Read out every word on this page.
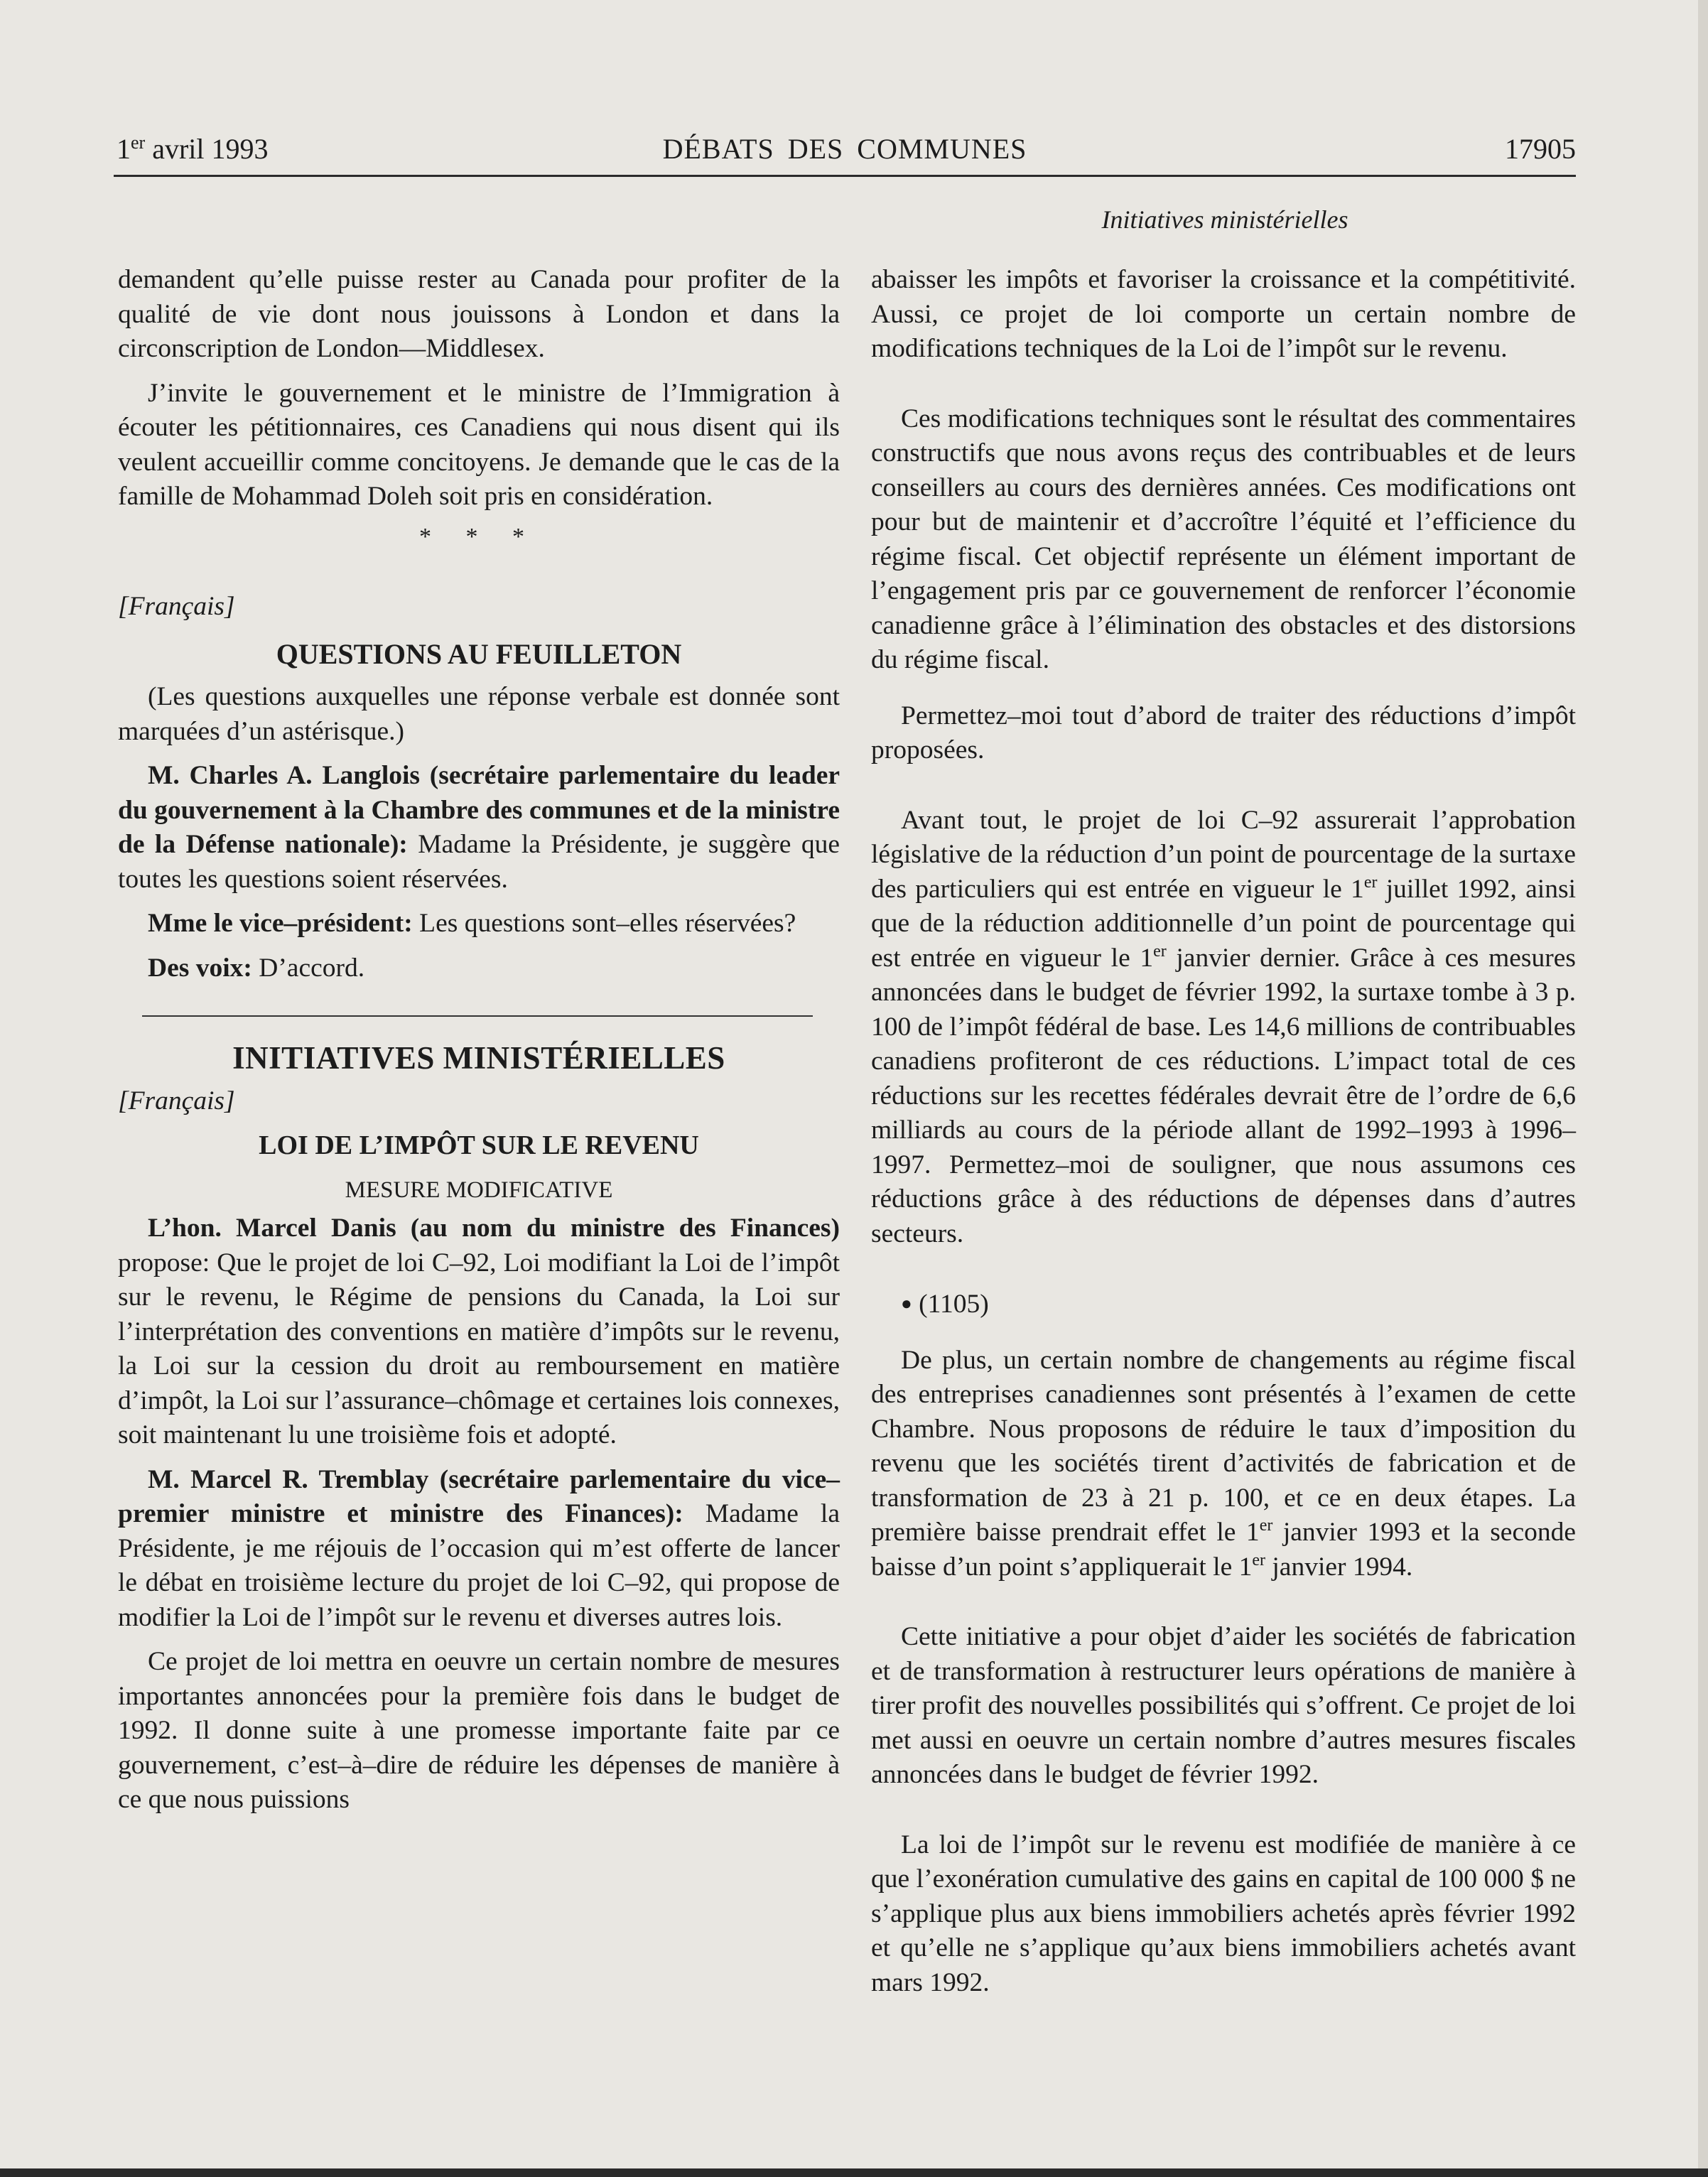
1er avril 1993	DÉBATS DES COMMUNES	17905
Initiatives ministérielles

demandent qu’elle puisse rester au Canada pour profiter de la qualité de vie dont nous jouissons à London et dans la circonscription de London—Middlesex.

J’invite le gouvernement et le ministre de l’Immigration à écouter les pétitionnaires, ces Canadiens qui nous disent qui ils veulent accueillir comme concitoyens. Je demande que le cas de la famille de Mohammad Doleh soit pris en considération.

* * *
[Français]
QUESTIONS AU FEUILLETON

(Les questions auxquelles une réponse verbale est donnée sont marquées d’un astérisque.)

M. Charles A. Langlois (secrétaire parlementaire du leader du gouvernement à la Chambre des communes et de la ministre de la Défense nationale): Madame la Présidente, je suggère que toutes les questions soient réservées.

Mme le vice–président: Les questions sont–elles réservées?

Des voix: D’accord.

INITIATIVES MINISTÉRIELLES
[Français]
LOI DE L’IMPÔT SUR LE REVENU
MESURE MODIFICATIVE

L’hon. Marcel Danis (au nom du ministre des Finances) propose: Que le projet de loi C–92, Loi modifiant la Loi de l’impôt sur le revenu, le Régime de pensions du Canada, la Loi sur l’interprétation des conventions en matière d’impôts sur le revenu, la Loi sur la cession du droit au remboursement en matière d’impôt, la Loi sur l’assurance–chômage et certaines lois connexes, soit maintenant lu une troisième fois et adopté.

M. Marcel R. Tremblay (secrétaire parlementaire du vice–premier ministre et ministre des Finances): Madame la Présidente, je me réjouis de l’occasion qui m’est offerte de lancer le débat en troisième lecture du projet de loi C–92, qui propose de modifier la Loi de l’impôt sur le revenu et diverses autres lois.

Ce projet de loi mettra en oeuvre un certain nombre de mesures importantes annoncées pour la première fois dans le budget de 1992. Il donne suite à une promesse importante faite par ce gouvernement, c’est–à–dire de réduire les dépenses de manière à ce que nous puissions

abaisser les impôts et favoriser la croissance et la compétitivité. Aussi, ce projet de loi comporte un certain nombre de modifications techniques de la Loi de l’impôt sur le revenu.

Ces modifications techniques sont le résultat des commentaires constructifs que nous avons reçus des contribuables et de leurs conseillers au cours des dernières années. Ces modifications ont pour but de maintenir et d’accroître l’équité et l’efficience du régime fiscal. Cet objectif représente un élément important de l’engagement pris par ce gouvernement de renforcer l’économie canadienne grâce à l’élimination des obstacles et des distorsions du régime fiscal.

Permettez–moi tout d’abord de traiter des réductions d’impôt proposées.

Avant tout, le projet de loi C–92 assurerait l’approbation législative de la réduction d’un point de pourcentage de la surtaxe des particuliers qui est entrée en vigueur le 1er juillet 1992, ainsi que de la réduction additionnelle d’un point de pourcentage qui est entrée en vigueur le 1er janvier dernier. Grâce à ces mesures annoncées dans le budget de février 1992, la surtaxe tombe à 3 p. 100 de l’impôt fédéral de base. Les 14,6 millions de contribuables canadiens profiteront de ces réductions. L’impact total de ces réductions sur les recettes fédérales devrait être de l’ordre de 6,6 milliards au cours de la période allant de 1992–1993 à 1996–1997. Permettez–moi de souligner, que nous assumons ces réductions grâce à des réductions de dépenses dans d’autres secteurs.

● (1105)

De plus, un certain nombre de changements au régime fiscal des entreprises canadiennes sont présentés à l’examen de cette Chambre. Nous proposons de réduire le taux d’imposition du revenu que les sociétés tirent d’activités de fabrication et de transformation de 23 à 21 p. 100, et ce en deux étapes. La première baisse prendrait effet le 1er janvier 1993 et la seconde baisse d’un point s’appliquerait le 1er janvier 1994.

Cette initiative a pour objet d’aider les sociétés de fabrication et de transformation à restructurer leurs opérations de manière à tirer profit des nouvelles possibilités qui s’offrent. Ce projet de loi met aussi en oeuvre un certain nombre d’autres mesures fiscales annoncées dans le budget de février 1992.

La loi de l’impôt sur le revenu est modifiée de manière à ce que l’exonération cumulative des gains en capital de 100 000 $ ne s’applique plus aux biens immobiliers achetés après février 1992 et qu’elle ne s’applique qu’aux biens immobiliers achetés avant mars 1992.
